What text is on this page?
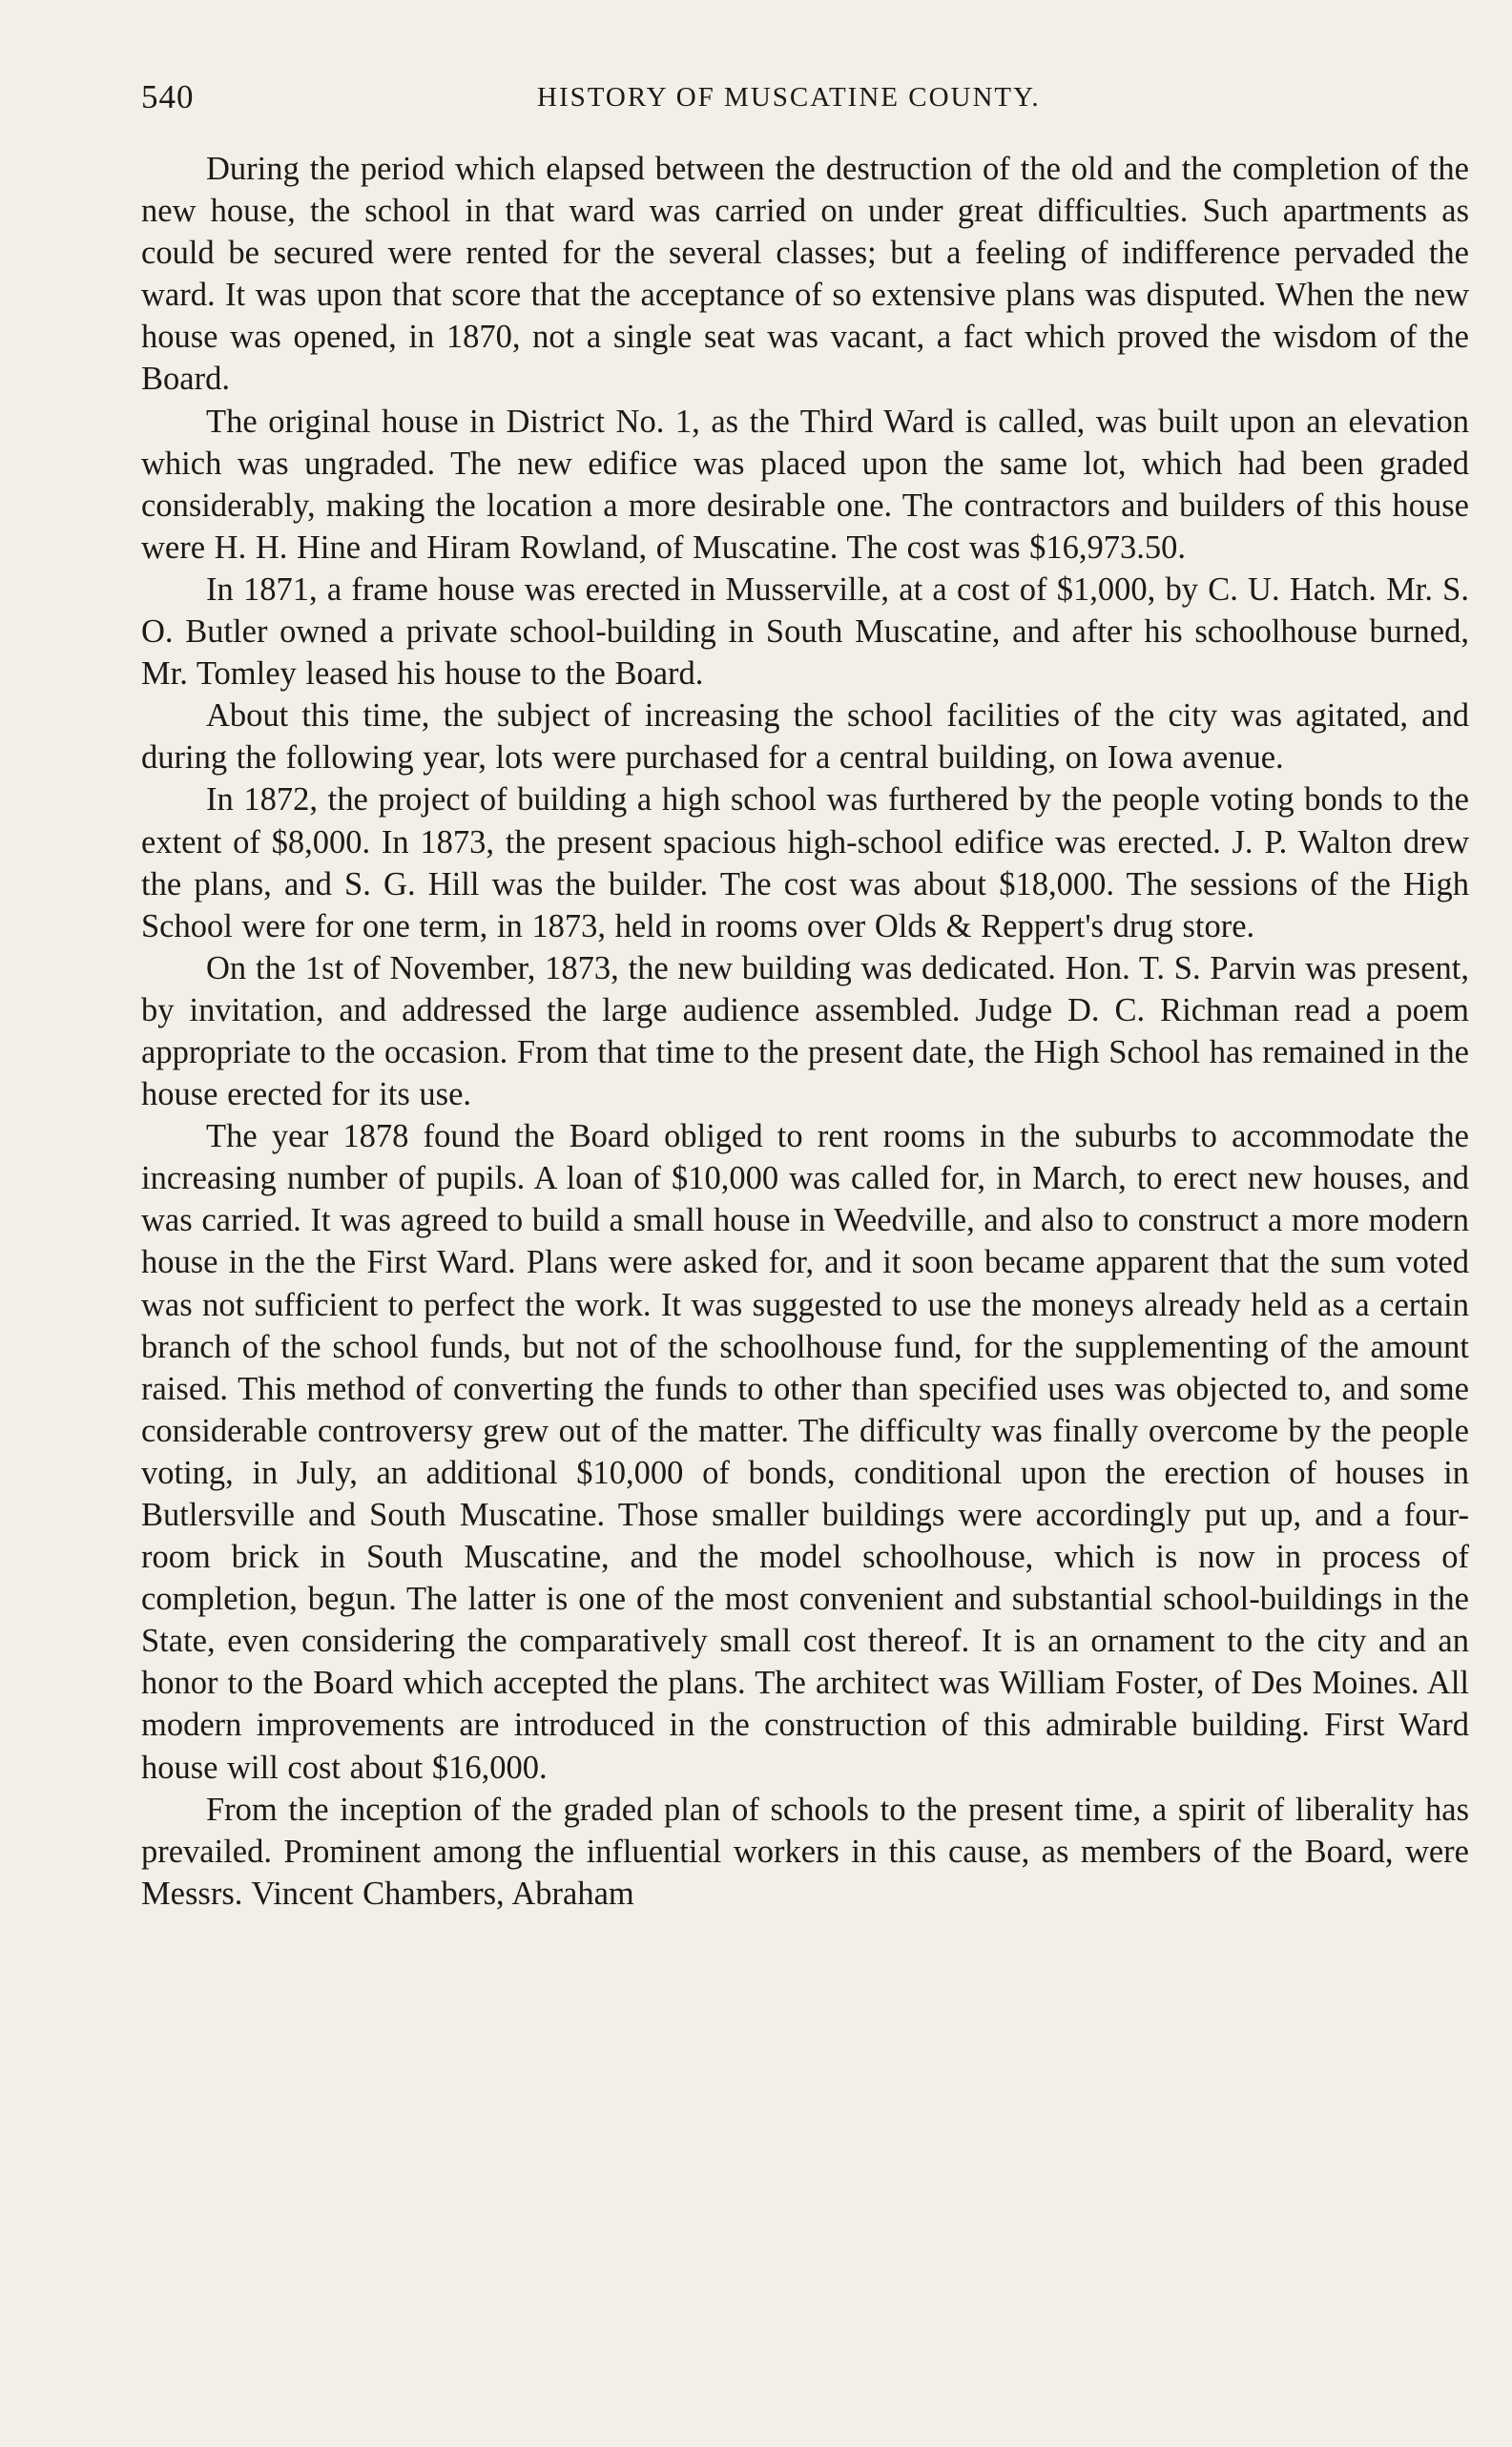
540	HISTORY OF MUSCATINE COUNTY.

During the period which elapsed between the destruction of the old and the completion of the new house, the school in that ward was carried on under great difficulties. Such apartments as could be secured were rented for the several classes; but a feeling of indifference pervaded the ward. It was upon that score that the acceptance of so extensive plans was disputed. When the new house was opened, in 1870, not a single seat was vacant, a fact which proved the wisdom of the Board.

The original house in District No. 1, as the Third Ward is called, was built upon an elevation which was ungraded. The new edifice was placed upon the same lot, which had been graded considerably, making the location a more desirable one. The contractors and builders of this house were H. H. Hine and Hiram Rowland, of Muscatine. The cost was $16,973.50.

In 1871, a frame house was erected in Musserville, at a cost of $1,000, by C. U. Hatch. Mr. S. O. Butler owned a private school-building in South Muscatine, and after his schoolhouse burned, Mr. Tomley leased his house to the Board.

About this time, the subject of increasing the school facilities of the city was agitated, and during the following year, lots were purchased for a central building, on Iowa avenue.

In 1872, the project of building a high school was furthered by the people voting bonds to the extent of $8,000. In 1873, the present spacious high-school edifice was erected. J. P. Walton drew the plans, and S. G. Hill was the builder. The cost was about $18,000. The sessions of the High School were for one term, in 1873, held in rooms over Olds & Reppert's drug store.

On the 1st of November, 1873, the new building was dedicated. Hon. T. S. Parvin was present, by invitation, and addressed the large audience assembled. Judge D. C. Richman read a poem appropriate to the occasion. From that time to the present date, the High School has remained in the house erected for its use.

The year 1878 found the Board obliged to rent rooms in the suburbs to accommodate the increasing number of pupils. A loan of $10,000 was called for, in March, to erect new houses, and was carried. It was agreed to build a small house in Weedville, and also to construct a more modern house in the the First Ward. Plans were asked for, and it soon became apparent that the sum voted was not sufficient to perfect the work. It was suggested to use the moneys already held as a certain branch of the school funds, but not of the schoolhouse fund, for the supplementing of the amount raised. This method of converting the funds to other than specified uses was objected to, and some considerable controversy grew out of the matter. The difficulty was finally overcome by the people voting, in July, an additional $10,000 of bonds, conditional upon the erection of houses in Butlersville and South Muscatine. Those smaller buildings were accordingly put up, and a four-room brick in South Muscatine, and the model schoolhouse, which is now in process of completion, begun. The latter is one of the most convenient and substantial school-buildings in the State, even considering the comparatively small cost thereof. It is an ornament to the city and an honor to the Board which accepted the plans. The architect was William Foster, of Des Moines. All modern improvements are introduced in the construction of this admirable building. First Ward house will cost about $16,000.

From the inception of the graded plan of schools to the present time, a spirit of liberality has prevailed. Prominent among the influential workers in this cause, as members of the Board, were Messrs. Vincent Chambers, Abraham
